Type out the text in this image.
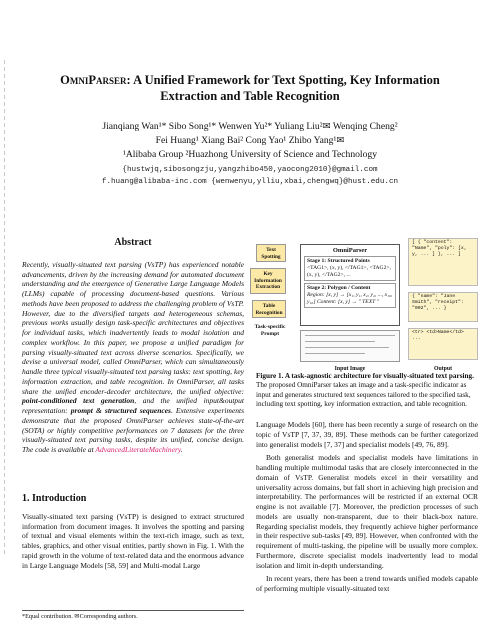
OmniParser: A Unified Framework for Text Spotting, Key Information
Extraction and Table Recognition
Jianqiang Wan¹* Sibo Song¹* Wenwen Yu²* Yuliang Liu²✉ Wenqing Cheng²
Fei Huang¹ Xiang Bai² Cong Yao¹ Zhibo Yang¹✉
¹Alibaba Group ²Huazhong University of Science and Technology
{hustwjq,sibosongzju,yangzhibo450,yaocong2010}@gmail.com
f.huang@alibaba-inc.com {wenwenyu,ylliu,xbai,chengwq}@hust.edu.cn
Abstract
Recently, visually-situated text parsing (VsTP) has experienced notable advancements, driven by the increasing demand for automated document understanding and the emergence of Generative Large Language Models (LLMs) capable of processing document-based questions. Various methods have been proposed to address the challenging problem of VsTP. However, due to the diversified targets and heterogeneous schemas, previous works usually design task-specific architectures and objectives for individual tasks, which inadvertently leads to modal isolation and complex workflow. In this paper, we propose a unified paradigm for parsing visually-situated text across diverse scenarios. Specifically, we devise a universal model, called OmniParser, which can simultaneously handle three typical visually-situated text parsing tasks: text spotting, key information extraction, and table recognition. In OmniParser, all tasks share the unified encoder-decoder architecture, the unified objective: point-conditioned text generation, and the unified input&output representation: prompt & structured sequences. Extensive experiments demonstrate that the proposed OmniParser achieves state-of-the-art (SOTA) or highly competitive performances on 7 datasets for the three visually-situated text parsing tasks, despite its unified, concise design. The code is available at AdvancedLiterateMachinery.
1. Introduction
Visually-situated text parsing (VsTP) is designed to extract structured information from document images. It involves the spotting and parsing of textual and visual elements within the text-rich image, such as text, tables, graphics, and other visual entities, partly shown in Fig. 1. With the rapid growth in the volume of text-related data and the enormous advance in Large Language Models [58, 59] and Multi-modal Large
*Equal contribution. ✉Corresponding authors.
Text Spotting
Key Information Extraction
Table Recognition
Task-specific Prompt
OmniParser
Stage 1: Structured Points
<TAG1>, (x, y), </TAG1>, <TAG2>, (x, y), </TAG2>, ...
Stage 2: Polygon / Content
Region: [x, y] → [x₁, y₁, x₂, y₂, ..., x₁₆, y₁₆] Content: [x, y] → " TEXT "
Input Image
[ { "content": "Name", "poly": [x, y, ... ] }, ... ]
{ "name": "Jane Smith", "receipt": "002", ... }
<tr> <td>Name</td> ...
Output
Figure 1. A task-agnostic architecture for visually-situated text parsing. The proposed OmniParser takes an image and a task-specific indicator as input and generates structured text sequences tailored to the specified task, including text spotting, key information extraction, and table recognition.
Language Models [60], there has been recently a surge of research on the topic of VsTP [7, 37, 39, 89]. These methods can be further categorized into generalist models [7, 37] and specialist models [49, 76, 89].
Both generalist models and specialist models have limitations in handling multiple multimodal tasks that are closely interconnected in the domain of VsTP. Generalist models excel in their versatility and universality across domains, but fall short in achieving high precision and interpretability. The performances will be restricted if an external OCR engine is not available [7]. Moreover, the prediction processes of such models are usually non-transparent, due to their black-box nature. Regarding specialist models, they frequently achieve higher performance in their respective sub-tasks [49, 89]. However, when confronted with the requirement of multi-tasking, the pipeline will be usually more complex. Furthermore, discrete specialist models inadvertently lead to modal isolation and limit in-depth understanding.
In recent years, there has been a trend towards unified models capable of performing multiple visually-situated text
